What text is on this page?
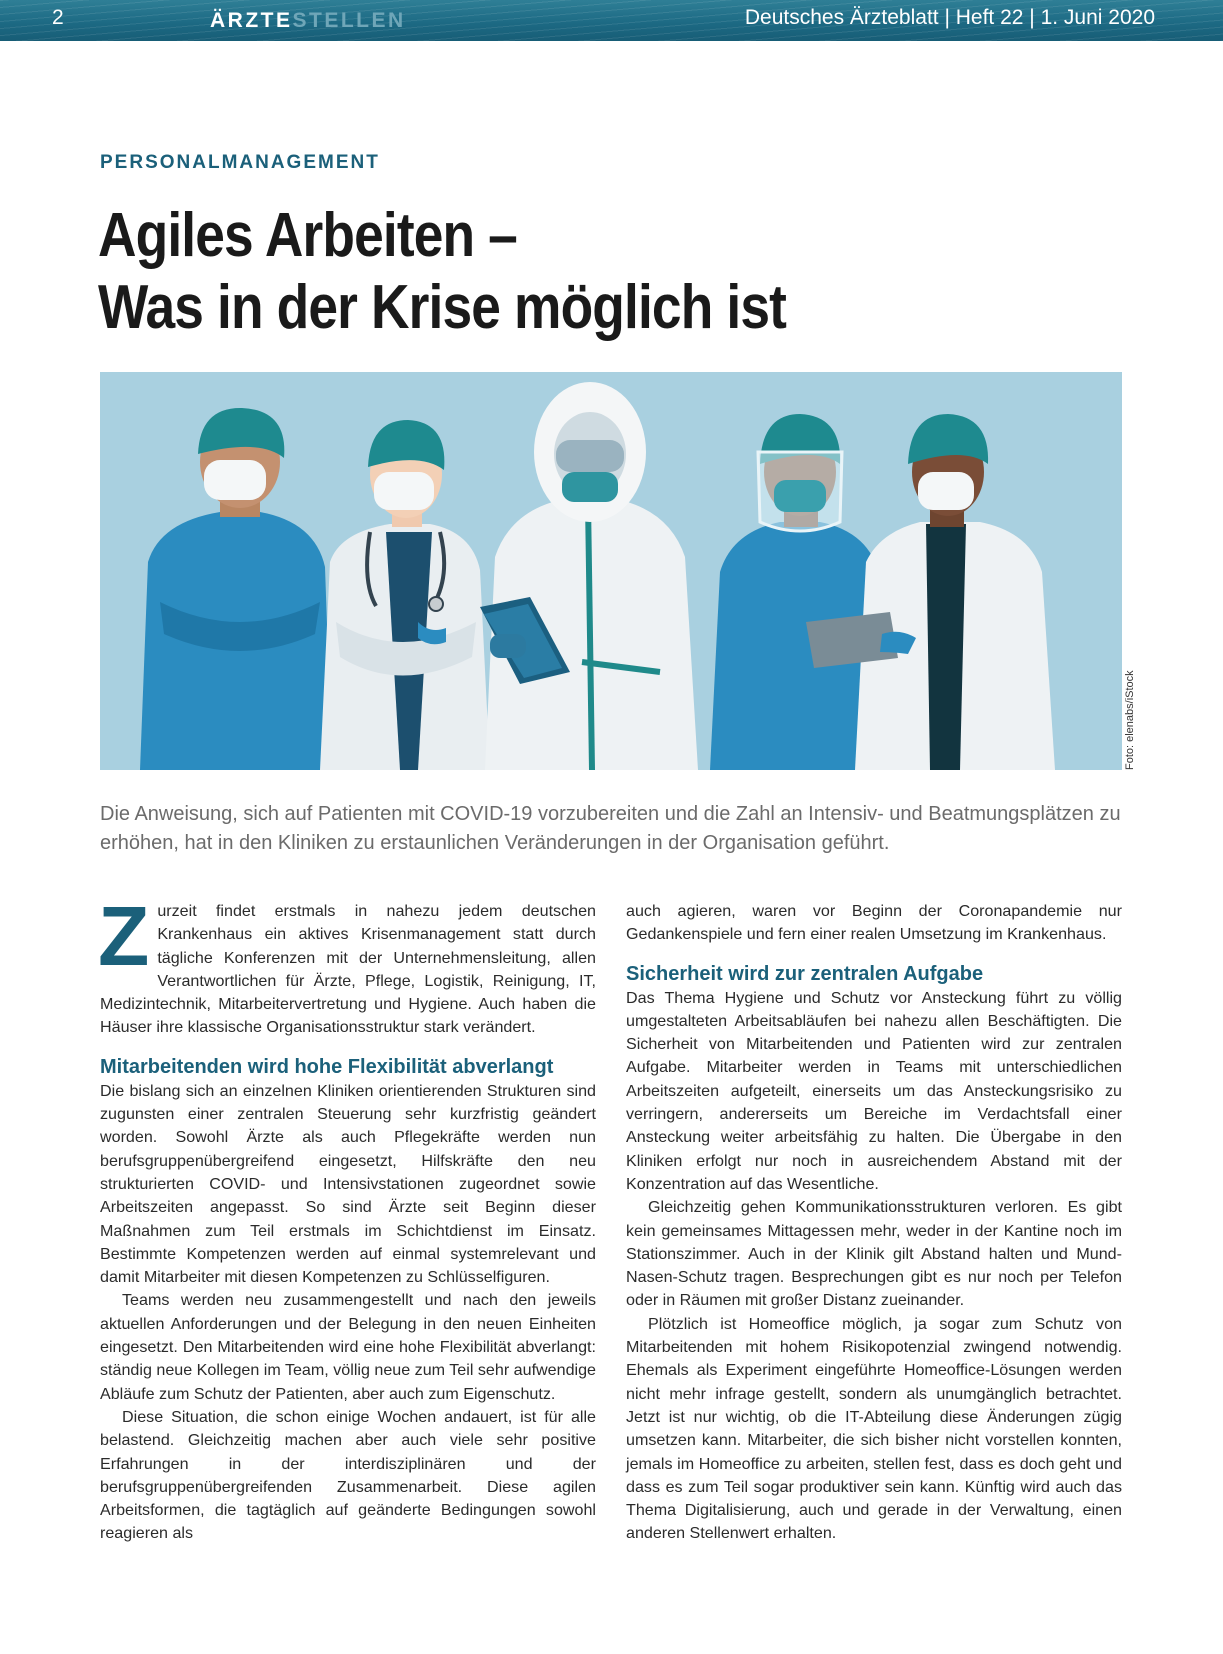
2	ÄRZTESTELLEN	Deutsches Ärzteblatt | Heft 22 | 1. Juni 2020
PERSONALMANAGEMENT
Agiles Arbeiten –
Was in der Krise möglich ist
Foto: elenabs/iStock

Die Anweisung, sich auf Patienten mit COVID-19 vorzubereiten und die Zahl an Intensiv- und Beatmungsplätzen zu erhöhen, hat in den Kliniken zu erstaunlichen Veränderungen in der Organisation geführt.

Zurzeit findet erstmals in nahezu jedem deutschen Krankenhaus ein aktives Krisenmanagement statt durch tägliche Konferenzen mit der Unternehmensleitung, allen Verantwortlichen für Ärzte, Pflege, Logistik, Reinigung, IT, Medizintechnik, Mitarbeitervertretung und Hygiene. Auch haben die Häuser ihre klassische Organisationsstruktur stark verändert.

Mitarbeitenden wird hohe Flexibilität abverlangt

Die bislang sich an einzelnen Kliniken orientierenden Strukturen sind zugunsten einer zentralen Steuerung sehr kurzfristig geändert worden. Sowohl Ärzte als auch Pflegekräfte werden nun berufsgruppenübergreifend eingesetzt, Hilfskräfte den neu strukturierten COVID- und Intensivstationen zugeordnet sowie Arbeitszeiten angepasst. So sind Ärzte seit Beginn dieser Maßnahmen zum Teil erstmals im Schichtdienst im Einsatz. Bestimmte Kompetenzen werden auf einmal systemrelevant und damit Mitarbeiter mit diesen Kompetenzen zu Schlüsselfiguren.

Teams werden neu zusammengestellt und nach den jeweils aktuellen Anforderungen und der Belegung in den neuen Einheiten eingesetzt. Den Mitarbeitenden wird eine hohe Flexibilität abverlangt: ständig neue Kollegen im Team, völlig neue zum Teil sehr aufwendige Abläufe zum Schutz der Patienten, aber auch zum Eigenschutz.

Diese Situation, die schon einige Wochen andauert, ist für alle belastend. Gleichzeitig machen aber auch viele sehr positive Erfahrungen in der interdisziplinären und der berufsgruppenübergreifenden Zusammenarbeit. Diese agilen Arbeitsformen, die tagtäglich auf geänderte Bedingungen sowohl reagieren als

auch agieren, waren vor Beginn der Coronapandemie nur Gedankenspiele und fern einer realen Umsetzung im Krankenhaus.

Sicherheit wird zur zentralen Aufgabe

Das Thema Hygiene und Schutz vor Ansteckung führt zu völlig umgestalteten Arbeitsabläufen bei nahezu allen Beschäftigten. Die Sicherheit von Mitarbeitenden und Patienten wird zur zentralen Aufgabe. Mitarbeiter werden in Teams mit unterschiedlichen Arbeitszeiten aufgeteilt, einerseits um das Ansteckungsrisiko zu verringern, andererseits um Bereiche im Verdachtsfall einer Ansteckung weiter arbeitsfähig zu halten. Die Übergabe in den Kliniken erfolgt nur noch in ausreichendem Abstand mit der Konzentration auf das Wesentliche.

Gleichzeitig gehen Kommunikationsstrukturen verloren. Es gibt kein gemeinsames Mittagessen mehr, weder in der Kantine noch im Stationszimmer. Auch in der Klinik gilt Abstand halten und Mund-Nasen-Schutz tragen. Besprechungen gibt es nur noch per Telefon oder in Räumen mit großer Distanz zueinander.

Plötzlich ist Homeoffice möglich, ja sogar zum Schutz von Mitarbeitenden mit hohem Risikopotenzial zwingend notwendig. Ehemals als Experiment eingeführte Homeoffice-Lösungen werden nicht mehr infrage gestellt, sondern als unumgänglich betrachtet. Jetzt ist nur wichtig, ob die IT-Abteilung diese Änderungen zügig umsetzen kann. Mitarbeiter, die sich bisher nicht vorstellen konnten, jemals im Homeoffice zu arbeiten, stellen fest, dass es doch geht und dass es zum Teil sogar produktiver sein kann. Künftig wird auch das Thema Digitalisierung, auch und gerade in der Verwaltung, einen anderen Stellenwert erhalten.
